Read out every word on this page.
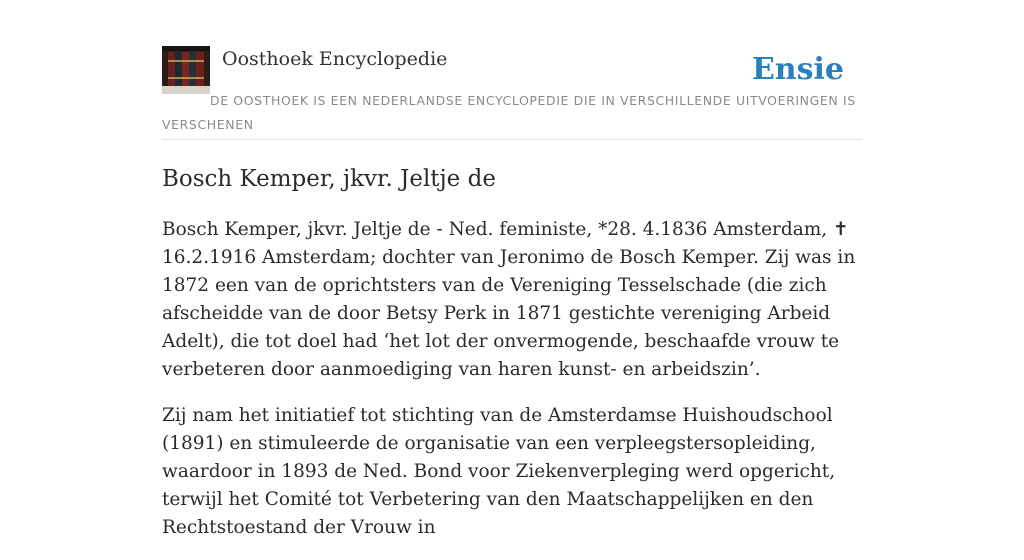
Oosthoek Encyclopedie	Ensie
DE OOSTHOEK IS EEN NEDERLANDSE ENCYCLOPEDIE DIE IN VERSCHILLENDE UITVOERINGEN IS VERSCHENEN
Bosch Kemper, jkvr. Jeltje de

Bosch Kemper, jkvr. Jeltje de - Ned. feministe, *28. 4.1836 Amsterdam, ✝ 16.2.1916 Amsterdam; dochter van Jeronimo de Bosch Kemper. Zij was in 1872 een van de oprichtsters van de Vereniging Tesselschade (die zich afscheidde van de door Betsy Perk in 1871 gestichte vereniging Arbeid Adelt), die tot doel had ‘het lot der onvermogende, beschaafde vrouw te verbeteren door aanmoediging van haren kunst- en arbeidszin’.

Zij nam het initiatief tot stichting van de Amsterdamse Huishoudschool (1891) en stimuleerde de organisatie van een verpleegstersopleiding, waardoor in 1893 de Ned. Bond voor Ziekenverpleging werd opgericht, terwijl het Comité tot Verbetering van den Maatschappelijken en den Rechtstoestand der Vrouw in
